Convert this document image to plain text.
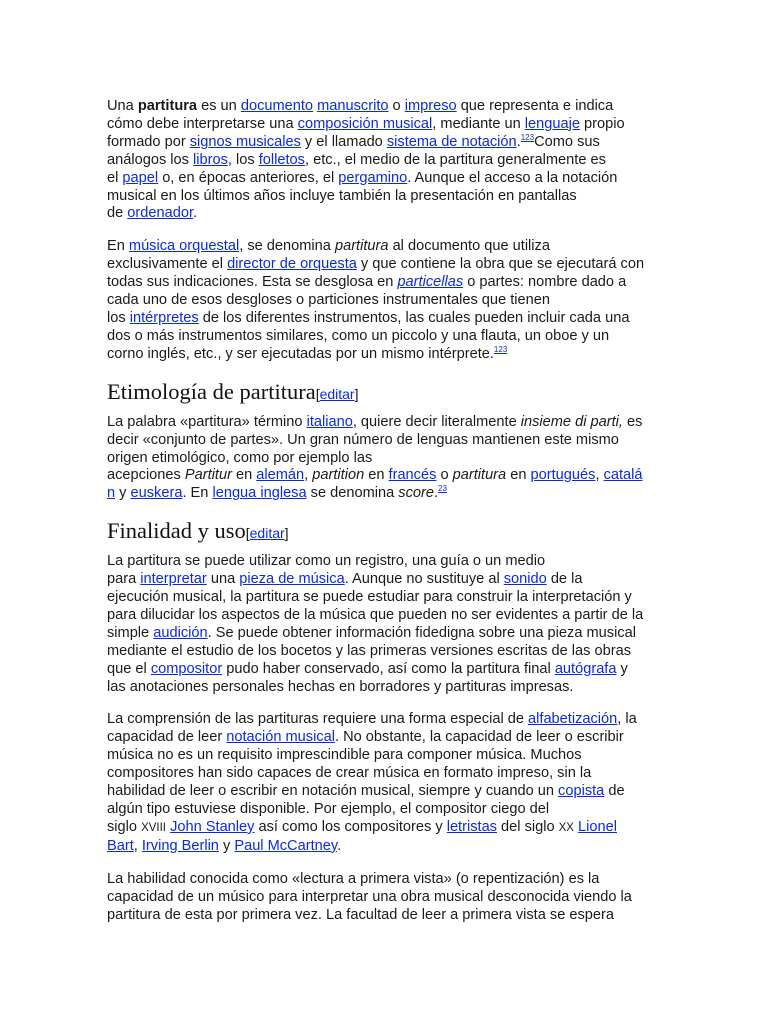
Una partitura es un documento manuscrito o impreso que representa e indica
cómo debe interpretarse una composición musical, mediante un lenguaje propio
formado por signos musicales y el llamado sistema de notación.$^{123}$Como sus
análogos los libros, los folletos, etc., el medio de la partitura generalmente es
el papel o, en épocas anteriores, el pergamino. Aunque el acceso a la notación
musical en los últimos años incluye también la presentación en pantallas
de ordenador.

En música orquestal, se denomina partitura al documento que utiliza
exclusivamente el director de orquesta y que contiene la obra que se ejecutará con
todas sus indicaciones. Esta se desglosa en particellas o partes: nombre dado a
cada uno de esos desgloses o particiones instrumentales que tienen
los intérpretes de los diferentes instrumentos, las cuales pueden incluir cada una
dos o más instrumentos similares, como un piccolo y una flauta, un oboe y un
corno inglés, etc., y ser ejecutadas por un mismo intérprete.$^{123}$

Etimología de partitura[editar]

La palabra «partitura» término italiano, quiere decir literalmente insieme di parti, es
decir «conjunto de partes». Un gran número de lenguas mantienen este mismo
origen etimológico, como por ejemplo las
acepciones Partitur en alemán, partition en francés o partitura en portugués, catalá
n y euskera. En lengua inglesa se denomina score.$^{23}$

Finalidad y uso[editar]

La partitura se puede utilizar como un registro, una guía o un medio
para interpretar una pieza de música. Aunque no sustituye al sonido de la
ejecución musical, la partitura se puede estudiar para construir la interpretación y
para dilucidar los aspectos de la música que pueden no ser evidentes a partir de la
simple audición. Se puede obtener información fidedigna sobre una pieza musical
mediante el estudio de los bocetos y las primeras versiones escritas de las obras
que el compositor pudo haber conservado, así como la partitura final autógrafa y
las anotaciones personales hechas en borradores y partituras impresas.

La comprensión de las partituras requiere una forma especial de alfabetización, la
capacidad de leer notación musical. No obstante, la capacidad de leer o escribir
música no es un requisito imprescindible para componer música. Muchos
compositores han sido capaces de crear música en formato impreso, sin la
habilidad de leer o escribir en notación musical, siempre y cuando un copista de
algún tipo estuviese disponible. Por ejemplo, el compositor ciego del
siglo XVIII John Stanley así como los compositores y letristas del siglo XX Lionel
Bart, Irving Berlin y Paul McCartney.

La habilidad conocida como «lectura a primera vista» (o repentización) es la
capacidad de un músico para interpretar una obra musical desconocida viendo la
partitura de esta por primera vez. La facultad de leer a primera vista se espera
